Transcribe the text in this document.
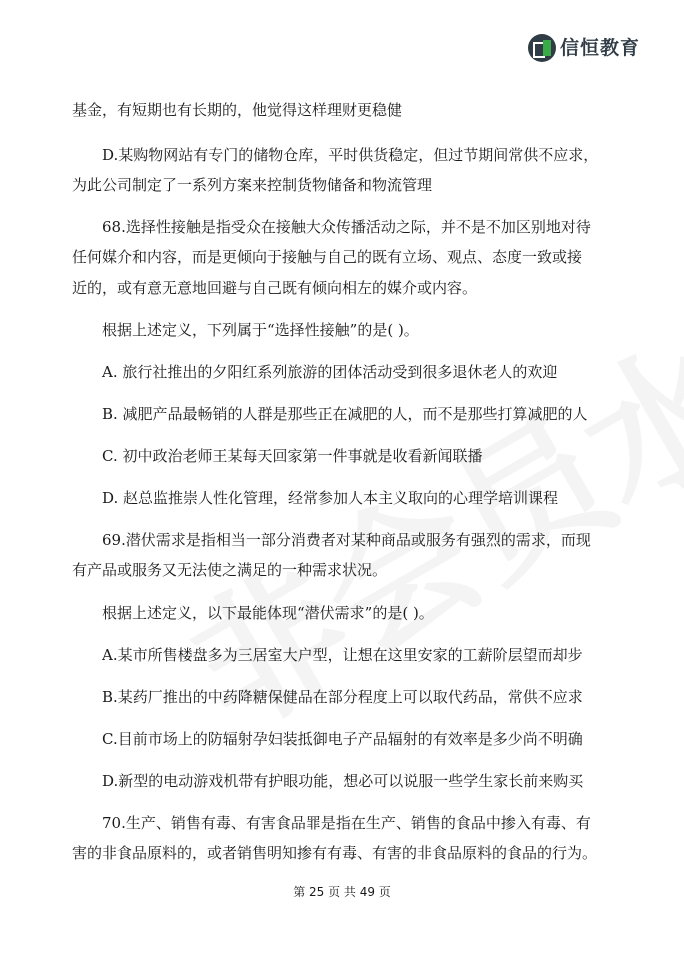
信恒教育
基金，有短期也有长期的，他觉得这样理财更稳健
D.某购物网站有专门的储物仓库，平时供货稳定，但过节期间常供不应求，
为此公司制定了一系列方案来控制货物储备和物流管理
68.选择性接触是指受众在接触大众传播活动之际，并不是不加区别地对待
任何媒介和内容，而是更倾向于接触与自己的既有立场、观点、态度一致或接
近的，或有意无意地回避与自己既有倾向相左的媒介或内容。
根据上述定义，下列属于“选择性接触”的是( )。
A. 旅行社推出的夕阳红系列旅游的团体活动受到很多退休老人的欢迎
B. 减肥产品最畅销的人群是那些正在减肥的人，而不是那些打算减肥的人
C. 初中政治老师王某每天回家第一件事就是收看新闻联播
D. 赵总监推崇人性化管理，经常参加人本主义取向的心理学培训课程
69.潜伏需求是指相当一部分消费者对某种商品或服务有强烈的需求，而现
有产品或服务又无法使之满足的一种需求状况。
根据上述定义，以下最能体现“潜伏需求”的是( )。
A.某市所售楼盘多为三居室大户型，让想在这里安家的工薪阶层望而却步
B.某药厂推出的中药降糖保健品在部分程度上可以取代药品，常供不应求
C.目前市场上的防辐射孕妇装抵御电子产品辐射的有效率是多少尚不明确
D.新型的电动游戏机带有护眼功能，想必可以说服一些学生家长前来购买
70.生产、销售有毒、有害食品罪是指在生产、销售的食品中掺入有毒、有
害的非食品原料的，或者销售明知掺有有毒、有害的非食品原料的食品的行为。
第 25 页 共 49 页
